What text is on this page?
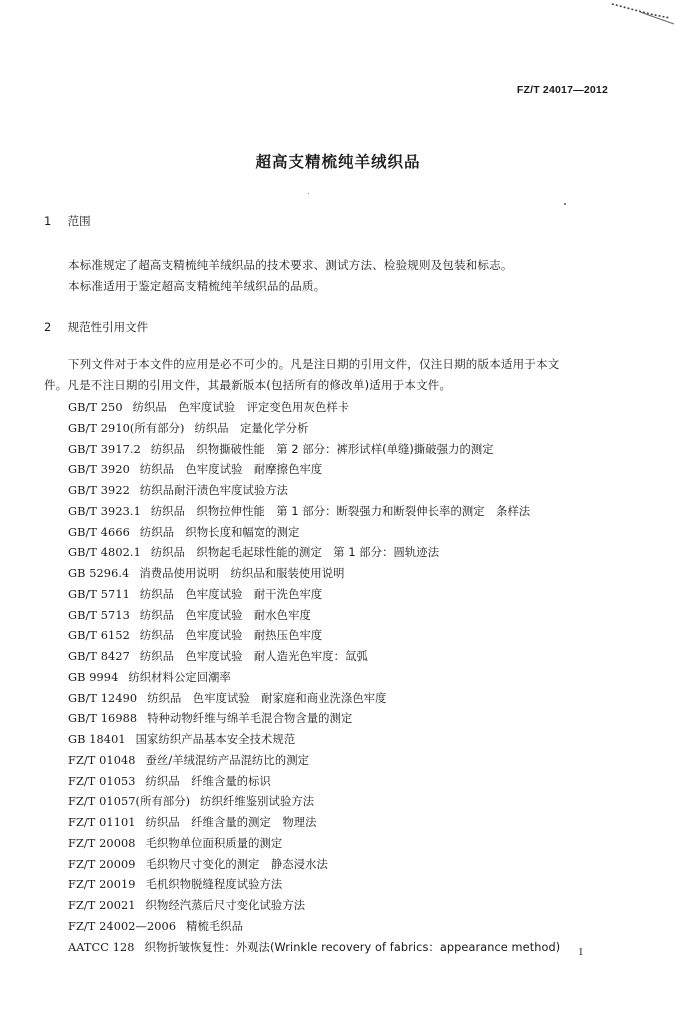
FZ/T 24017—2012
超高支精梳纯羊绒织品
1 范围
本标准规定了超高支精梳纯羊绒织品的技术要求、测试方法、检验规则及包装和标志。
本标准适用于鉴定超高支精梳纯羊绒织品的品质。
2 规范性引用文件
下列文件对于本文件的应用是必不可少的。凡是注日期的引用文件，仅注日期的版本适用于本文
件。凡是不注日期的引用文件，其最新版本(包括所有的修改单)适用于本文件。
GB/T 250 纺织品　色牢度试验　评定变色用灰色样卡
GB/T 2910(所有部分) 纺织品　定量化学分析
GB/T 3917.2 纺织品　织物撕破性能　第 2 部分：裤形试样(单缝)撕破强力的测定
GB/T 3920 纺织品　色牢度试验　耐摩擦色牢度
GB/T 3922 纺织品耐汗渍色牢度试验方法
GB/T 3923.1 纺织品　织物拉伸性能　第 1 部分：断裂强力和断裂伸长率的测定　条样法
GB/T 4666 纺织品　织物长度和幅宽的测定
GB/T 4802.1 纺织品　织物起毛起球性能的测定　第 1 部分：圆轨迹法
GB 5296.4 消费品使用说明　纺织品和服装使用说明
GB/T 5711 纺织品　色牢度试验　耐干洗色牢度
GB/T 5713 纺织品　色牢度试验　耐水色牢度
GB/T 6152 纺织品　色牢度试验　耐热压色牢度
GB/T 8427 纺织品　色牢度试验　耐人造光色牢度：氙弧
GB 9994 纺织材料公定回潮率
GB/T 12490 纺织品　色牢度试验　耐家庭和商业洗涤色牢度
GB/T 16988 特种动物纤维与绵羊毛混合物含量的测定
GB 18401 国家纺织产品基本安全技术规范
FZ/T 01048 蚕丝/羊绒混纺产品混纺比的测定
FZ/T 01053 纺织品　纤维含量的标识
FZ/T 01057(所有部分) 纺织纤维鉴别试验方法
FZ/T 01101 纺织品　纤维含量的测定　物理法
FZ/T 20008 毛织物单位面积质量的测定
FZ/T 20009 毛织物尺寸变化的测定　静态浸水法
FZ/T 20019 毛机织物脱缝程度试验方法
FZ/T 20021 织物经汽蒸后尺寸变化试验方法
FZ/T 24002—2006 精梳毛织品
AATCC 128 织物折皱恢复性：外观法(Wrinkle recovery of fabrics：appearance method) 1
